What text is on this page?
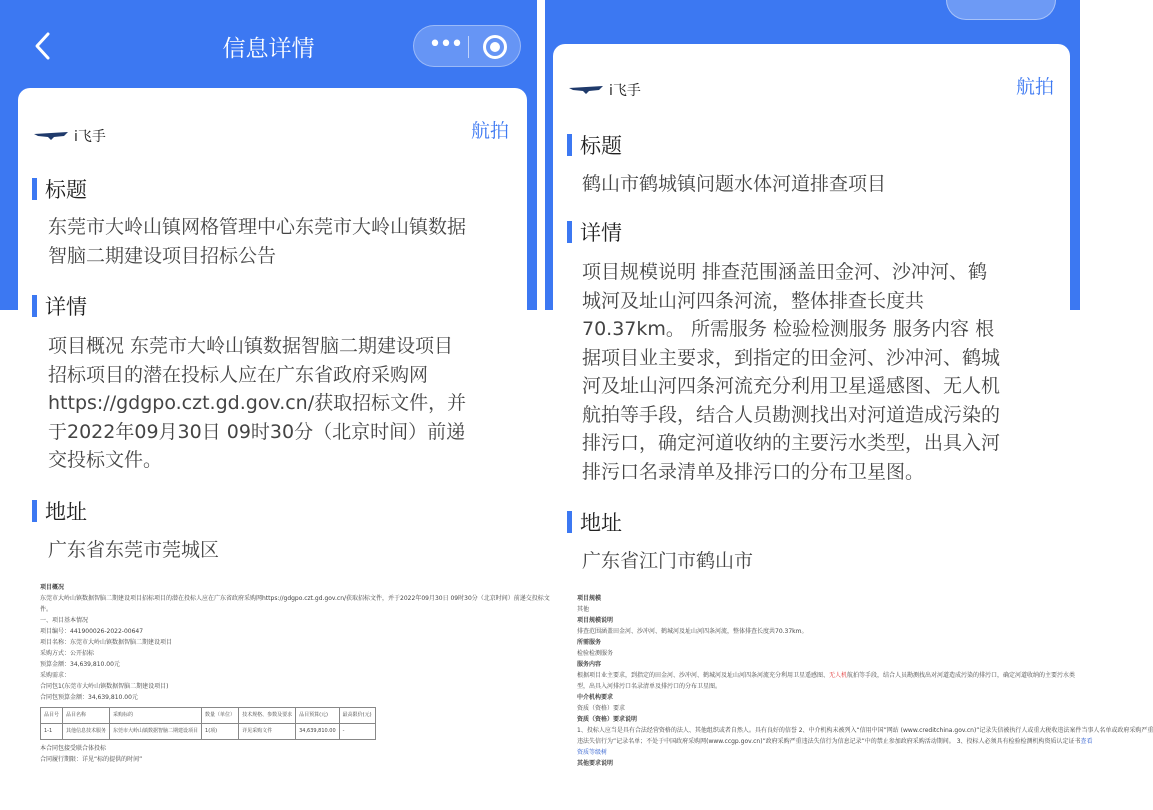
信息详情	•••
i飞手	航拍
标题
东莞市大岭山镇网格管理中心东莞市大岭山镇数据
智脑二期建设项目招标公告
详情
项目概况 东莞市大岭山镇数据智脑二期建设项目
招标项目的潜在投标人应在广东省政府采购网
https://gdgpo.czt.gd.gov.cn/获取招标文件，并
于2022年09月30日 09时30分（北京时间）前递
交投标文件。
地址
广东省东莞市莞城区
项目概况
东莞市大岭山镇数据智脑二期建设项目招标项目的潜在投标人应在广东省政府采购网https://gdgpo.czt.gd.gov.cn/获取招标文件，并于2022年09月30日 09时30分（北京时间）前递交投标文
件。
一、项目基本情况
项目编号：441900026-2022-00647
项目名称：东莞市大岭山镇数据智脑二期建设项目
采购方式：公开招标
预算金额：34,639,810.00元
采购需求：
合同包1(东莞市大岭山镇数据智脑二期建设项目)
合同包预算金额：34,639,810.00元
品目号	品目名称	采购标的	数量（单位）	技术规格、参数及要求	品目预算(元)	最高限价(元)
1-1	其他信息技术服务	东莞市大岭山镇数据智脑二期建设项目	1(项)	详见采购文件	34,639,810.00	-
本合同包接受联合体投标
合同履行期限：详见“标的提供的时间”
i飞手	航拍
标题
鹤山市鹤城镇问题水体河道排查项目
详情
项目规模说明 排查范围涵盖田金河、沙冲河、鹤
城河及址山河四条河流，整体排查长度共
70.37km。 所需服务 检验检测服务 服务内容 根
据项目业主要求，到指定的田金河、沙冲河、鹤城
河及址山河四条河流充分利用卫星遥感图、无人机
航拍等手段，结合人员勘测找出对河道造成污染的
排污口，确定河道收纳的主要污水类型，出具入河
排污口名录清单及排污口的分布卫星图。
地址
广东省江门市鹤山市
项目规模
其他
项目规模说明
排查范围涵盖田金河、沙冲河、鹤城河及址山河四条河流，整体排查长度共70.37km。
所需服务
检验检测服务
服务内容
根据项目业主要求，到指定的田金河、沙冲河、鹤城河及址山河四条河流充分利用卫星遥感图、无人机航拍等手段，结合人员勘测找出对河道造成污染的排污口，确定河道收纳的主要污水类
型，出具入河排污口名录清单及排污口的分布卫星图。
中介机构要求
资质（资格）要求
资质（资格）要求说明
1、投标人应当是具有合法经营资格的法人、其他组织或者自然人。具有良好的信誉 2、中介机构未被列入“信用中国”网站 (www.creditchina.gov.cn)”记录失信被执行人或重大税收违法案件当事人名单或政府采购严重
违法失信行为”记录名单；不处于中国政府采购网(www.ccgp.gov.cn)”政府采购严重违法失信行为信息记录”中的禁止参加政府采购活动期间。 3、投标人必须具有检验检测机构资质认定证书查看
资质等级树
其他要求说明
